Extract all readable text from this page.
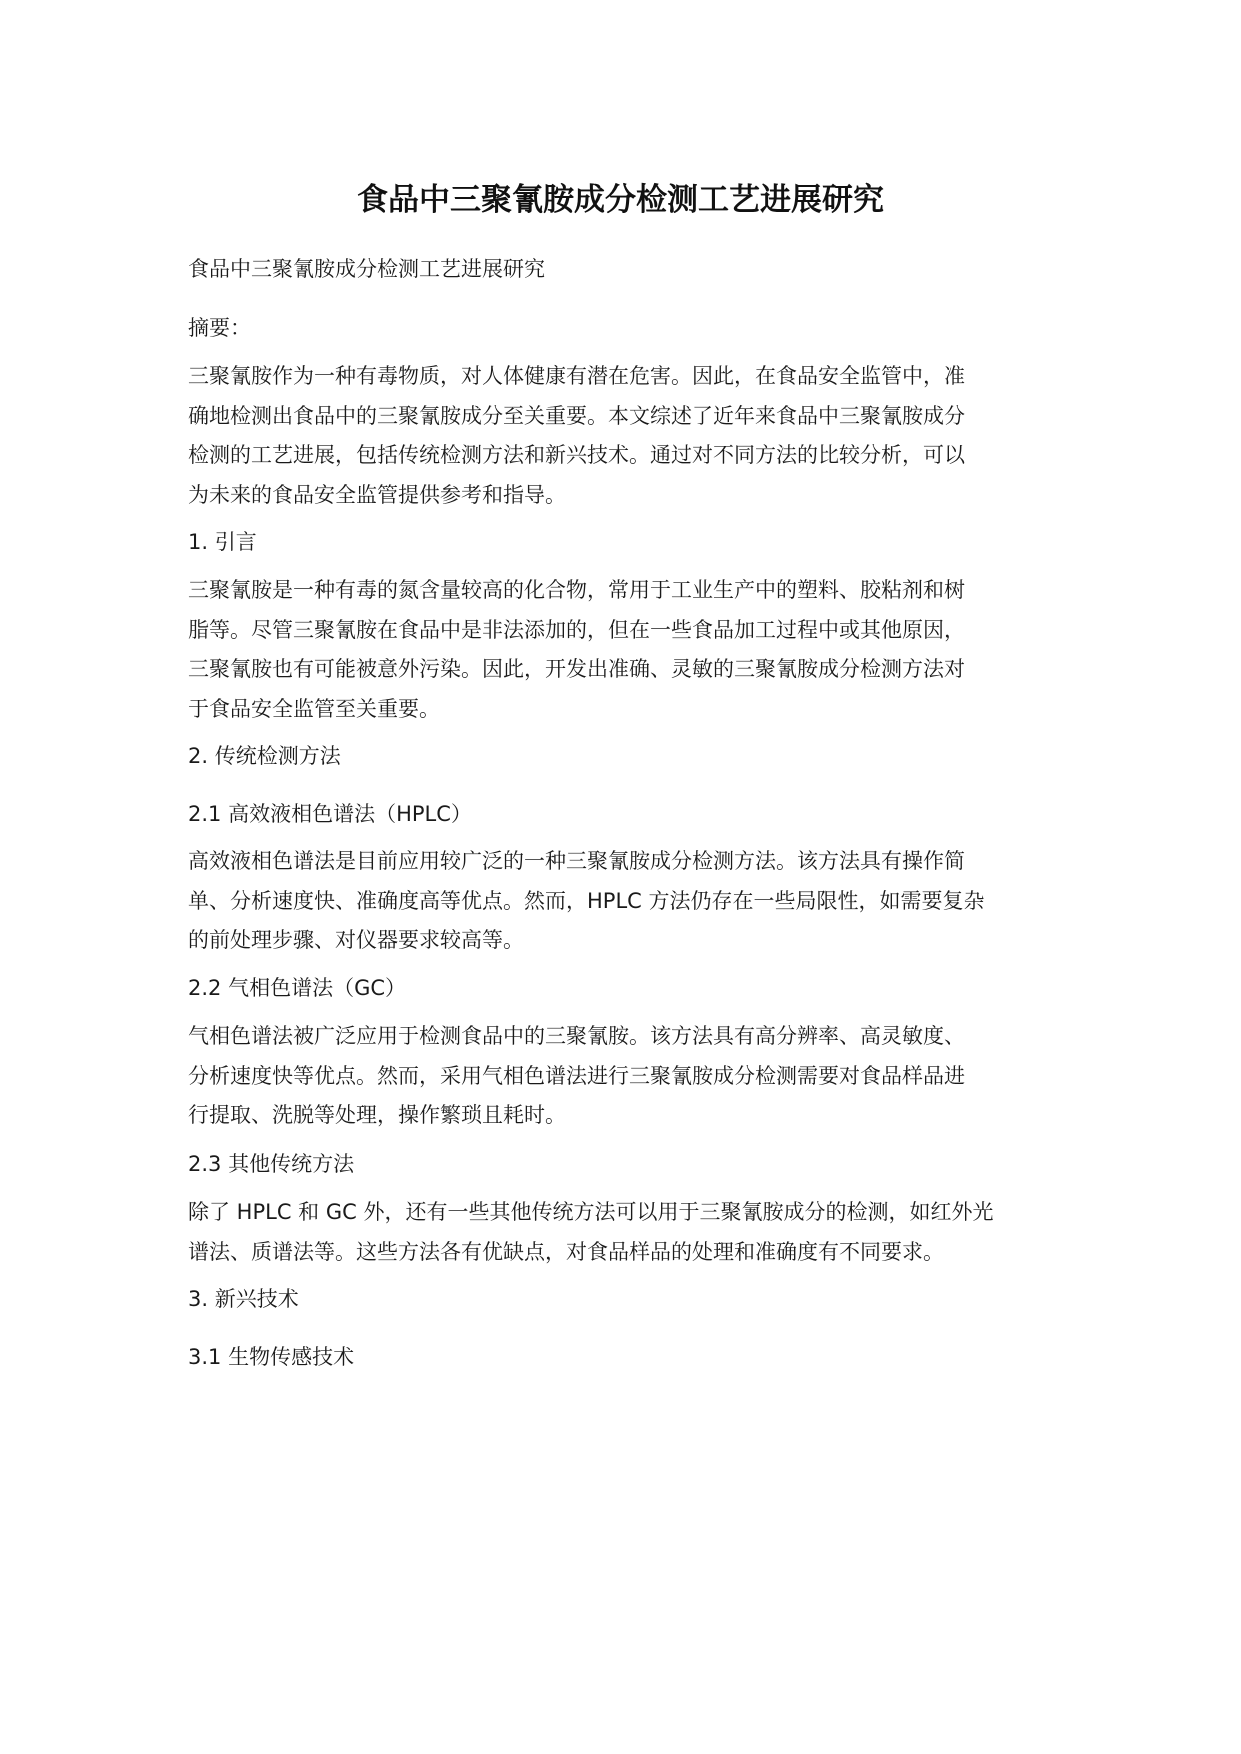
食品中三聚氰胺成分检测工艺进展研究
食品中三聚氰胺成分检测工艺进展研究
摘要：
三聚氰胺作为一种有毒物质，对人体健康有潜在危害。因此，在食品安全监管中，准
确地检测出食品中的三聚氰胺成分至关重要。本文综述了近年来食品中三聚氰胺成分
检测的工艺进展，包括传统检测方法和新兴技术。通过对不同方法的比较分析，可以
为未来的食品安全监管提供参考和指导。
1. 引言
三聚氰胺是一种有毒的氮含量较高的化合物，常用于工业生产中的塑料、胶粘剂和树
脂等。尽管三聚氰胺在食品中是非法添加的，但在一些食品加工过程中或其他原因，
三聚氰胺也有可能被意外污染。因此，开发出准确、灵敏的三聚氰胺成分检测方法对
于食品安全监管至关重要。
2. 传统检测方法
2.1 高效液相色谱法（HPLC）
高效液相色谱法是目前应用较广泛的一种三聚氰胺成分检测方法。该方法具有操作简
单、分析速度快、准确度高等优点。然而，HPLC 方法仍存在一些局限性，如需要复杂
的前处理步骤、对仪器要求较高等。
2.2 气相色谱法（GC）
气相色谱法被广泛应用于检测食品中的三聚氰胺。该方法具有高分辨率、高灵敏度、
分析速度快等优点。然而，采用气相色谱法进行三聚氰胺成分检测需要对食品样品进
行提取、洗脱等处理，操作繁琐且耗时。
2.3 其他传统方法
除了 HPLC 和 GC 外，还有一些其他传统方法可以用于三聚氰胺成分的检测，如红外光
谱法、质谱法等。这些方法各有优缺点，对食品样品的处理和准确度有不同要求。
3. 新兴技术
3.1 生物传感技术
